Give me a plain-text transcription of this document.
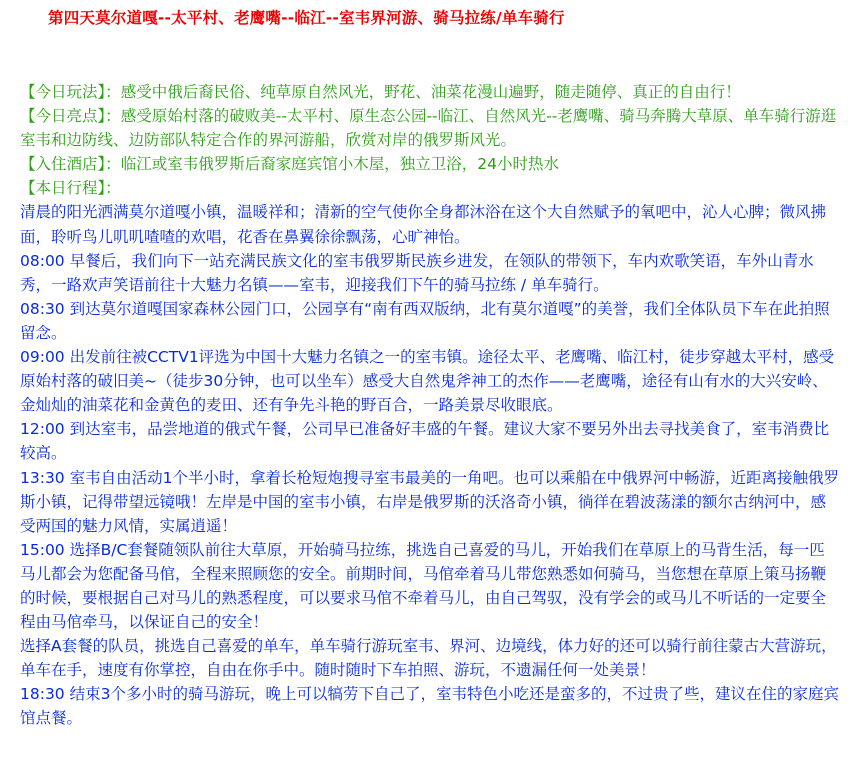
第四天莫尔道嘎--太平村、老鹰嘴--临江--室韦界河游、骑马拉练/单车骑行

【今日玩法】：感受中俄后裔民俗、纯草原自然风光，野花、油菜花漫山遍野，随走随停、真正的自由行！

【今日亮点】：感受原始村落的破败美--太平村、原生态公园--临江、自然风光--老鹰嘴、骑马奔腾大草原、单车骑行游逛室韦和边防线、边防部队特定合作的界河游船，欣赏对岸的俄罗斯风光。

【入住酒店】：临江或室韦俄罗斯后裔家庭宾馆小木屋，独立卫浴，24小时热水

【本日行程】：

清晨的阳光洒满莫尔道嘎小镇，温暖祥和；清新的空气使你全身都沐浴在这个大自然赋予的氧吧中，沁人心脾；微风拂面，聆听鸟儿叽叽喳喳的欢唱，花香在鼻翼徐徐飘荡，心旷神怡。

08:00 早餐后，我们向下一站充满民族文化的室韦俄罗斯民族乡进发，在领队的带领下，车内欢歌笑语，车外山青水秀，一路欢声笑语前往十大魅力名镇——室韦，迎接我们下午的骑马拉练 / 单车骑行。

08:30 到达莫尔道嘎国家森林公园门口，公园享有“南有西双版纳，北有莫尔道嘎”的美誉，我们全体队员下车在此拍照留念。

09:00 出发前往被CCTV1评选为中国十大魅力名镇之一的室韦镇。途径太平、老鹰嘴、临江村，徒步穿越太平村，感受原始村落的破旧美~（徒步30分钟，也可以坐车）感受大自然鬼斧神工的杰作——老鹰嘴，途径有山有水的大兴安岭、金灿灿的油菜花和金黄色的麦田、还有争先斗艳的野百合，一路美景尽收眼底。

12:00 到达室韦，品尝地道的俄式午餐，公司早已准备好丰盛的午餐。建议大家不要另外出去寻找美食了，室韦消费比较高。

13:30 室韦自由活动1个半小时，拿着长枪短炮搜寻室韦最美的一角吧。也可以乘船在中俄界河中畅游，近距离接触俄罗斯小镇，记得带望远镜哦！左岸是中国的室韦小镇，右岸是俄罗斯的沃洛奇小镇，徜徉在碧波荡漾的额尔古纳河中，感受两国的魅力风情，实属逍遥！

15:00 选择B/C套餐随领队前往大草原，开始骑马拉练，挑选自己喜爱的马儿，开始我们在草原上的马背生活，每一匹马儿都会为您配备马倌，全程来照顾您的安全。前期时间，马倌牵着马儿带您熟悉如何骑马，当您想在草原上策马扬鞭的时候，要根据自己对马儿的熟悉程度，可以要求马倌不牵着马儿，由自己驾驭，没有学会的或马儿不听话的一定要全程由马倌牵马，以保证自己的安全！

选择A套餐的队员，挑选自己喜爱的单车，单车骑行游玩室韦、界河、边境线，体力好的还可以骑行前往蒙古大营游玩，单车在手，速度有你掌控，自由在你手中。随时随时下车拍照、游玩，不遗漏任何一处美景！

18:30 结束3个多小时的骑马游玩，晚上可以犒劳下自己了，室韦特色小吃还是蛮多的，不过贵了些，建议在住的家庭宾馆点餐。
